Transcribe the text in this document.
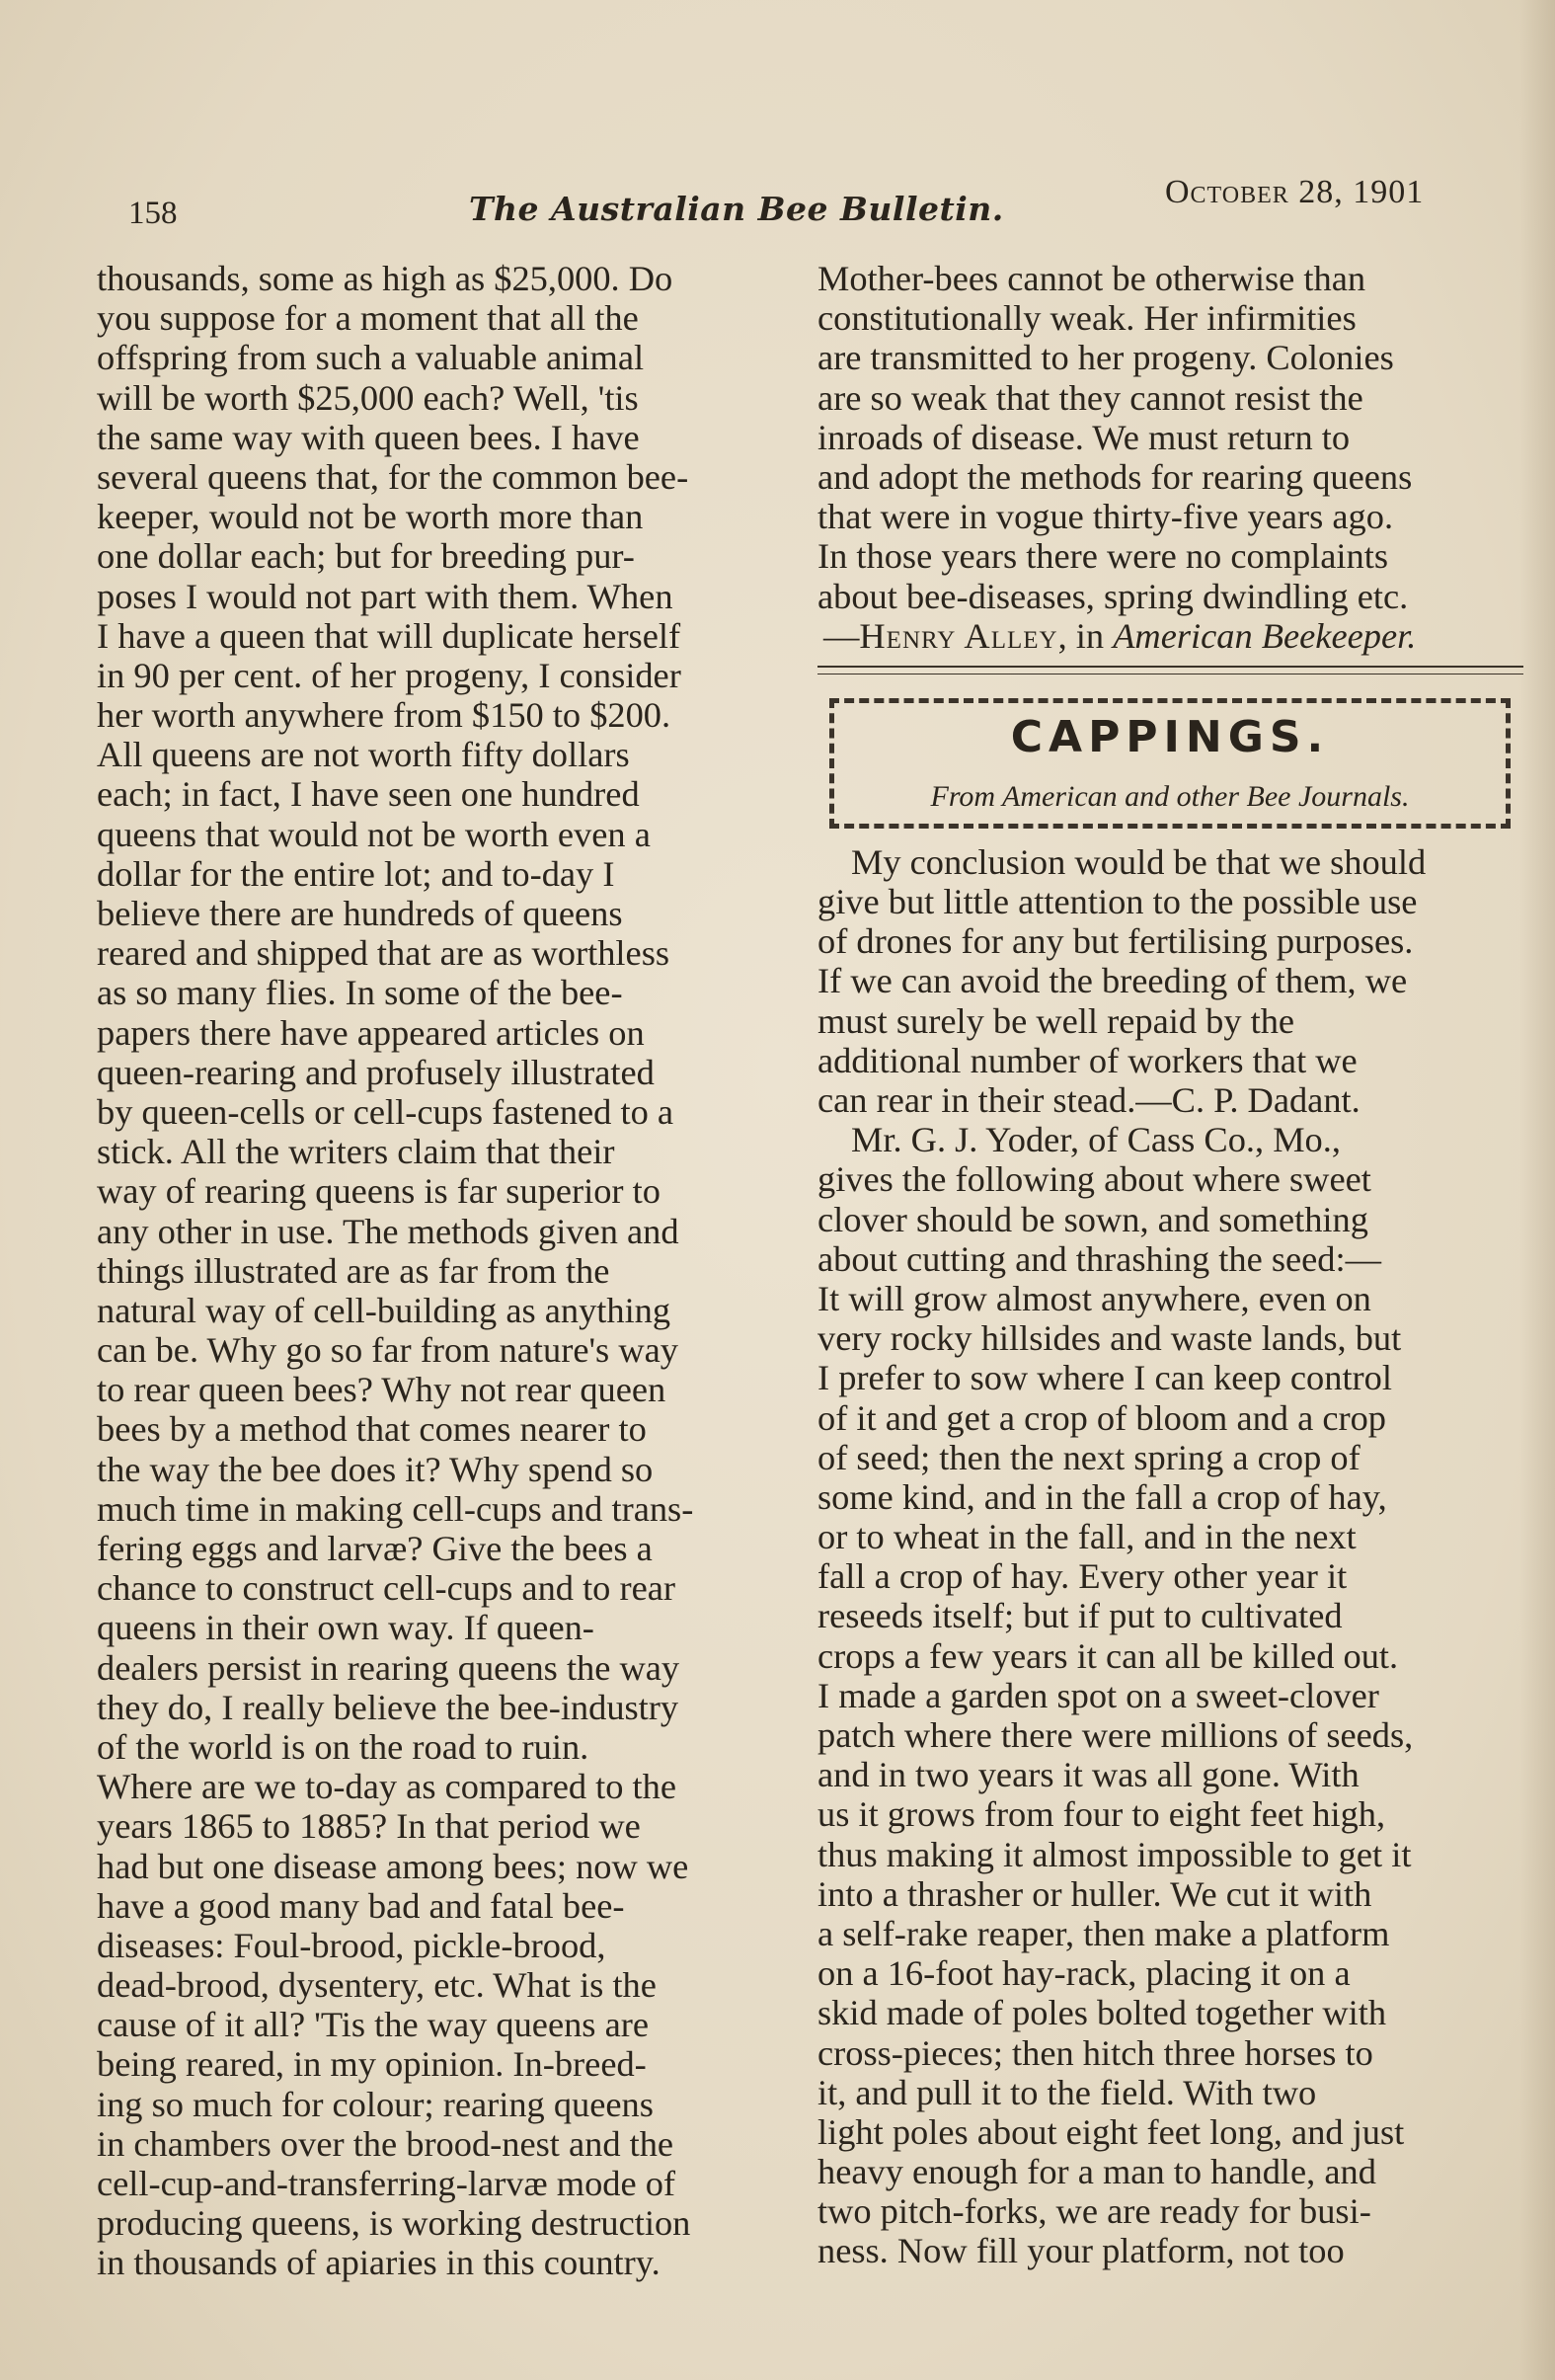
158	The Australian Bee Bulletin.	October 28, 1901
thousands, some as high as $25,000. Do
you suppose for a moment that all the
offspring from such a valuable animal
will be worth $25,000 each? Well, 'tis
the same way with queen bees. I have
several queens that, for the common bee-
keeper, would not be worth more than
one dollar each; but for breeding pur-
poses I would not part with them. When
I have a queen that will duplicate herself
in 90 per cent. of her progeny, I consider
her worth anywhere from $150 to $200.
All queens are not worth fifty dollars
each; in fact, I have seen one hundred
queens that would not be worth even a
dollar for the entire lot; and to-day I
believe there are hundreds of queens
reared and shipped that are as worthless
as so many flies. In some of the bee-
papers there have appeared articles on
queen-rearing and profusely illustrated
by queen-cells or cell-cups fastened to a
stick. All the writers claim that their
way of rearing queens is far superior to
any other in use. The methods given and
things illustrated are as far from the
natural way of cell-building as anything
can be. Why go so far from nature's way
to rear queen bees? Why not rear queen
bees by a method that comes nearer to
the way the bee does it? Why spend so
much time in making cell-cups and trans-
fering eggs and larvæ? Give the bees a
chance to construct cell-cups and to rear
queens in their own way. If queen-
dealers persist in rearing queens the way
they do, I really believe the bee-industry
of the world is on the road to ruin.
Where are we to-day as compared to the
years 1865 to 1885? In that period we
had but one disease among bees; now we
have a good many bad and fatal bee-
diseases: Foul-brood, pickle-brood,
dead-brood, dysentery, etc. What is the
cause of it all? 'Tis the way queens are
being reared, in my opinion. In-breed-
ing so much for colour; rearing queens
in chambers over the brood-nest and the
cell-cup-and-transferring-larvæ mode of
producing queens, is working destruction
in thousands of apiaries in this country.
Mother-bees cannot be otherwise than
constitutionally weak. Her infirmities
are transmitted to her progeny. Colonies
are so weak that they cannot resist the
inroads of disease. We must return to
and adopt the methods for rearing queens
that were in vogue thirty-five years ago.
In those years there were no complaints
about bee-diseases, spring dwindling etc.
—Henry Alley, in American Beekeeper.
CAPPINGS.
From American and other Bee Journals.
My conclusion would be that we should
give but little attention to the possible use
of drones for any but fertilising purposes.
If we can avoid the breeding of them, we
must surely be well repaid by the
additional number of workers that we
can rear in their stead.—C. P. Dadant.
Mr. G. J. Yoder, of Cass Co., Mo.,
gives the following about where sweet
clover should be sown, and something
about cutting and thrashing the seed:—
It will grow almost anywhere, even on
very rocky hillsides and waste lands, but
I prefer to sow where I can keep control
of it and get a crop of bloom and a crop
of seed; then the next spring a crop of
some kind, and in the fall a crop of hay,
or to wheat in the fall, and in the next
fall a crop of hay. Every other year it
reseeds itself; but if put to cultivated
crops a few years it can all be killed out.
I made a garden spot on a sweet-clover
patch where there were millions of seeds,
and in two years it was all gone. With
us it grows from four to eight feet high,
thus making it almost impossible to get it
into a thrasher or huller. We cut it with
a self-rake reaper, then make a platform
on a 16-foot hay-rack, placing it on a
skid made of poles bolted together with
cross-pieces; then hitch three horses to
it, and pull it to the field. With two
light poles about eight feet long, and just
heavy enough for a man to handle, and
two pitch-forks, we are ready for busi-
ness. Now fill your platform, not too
